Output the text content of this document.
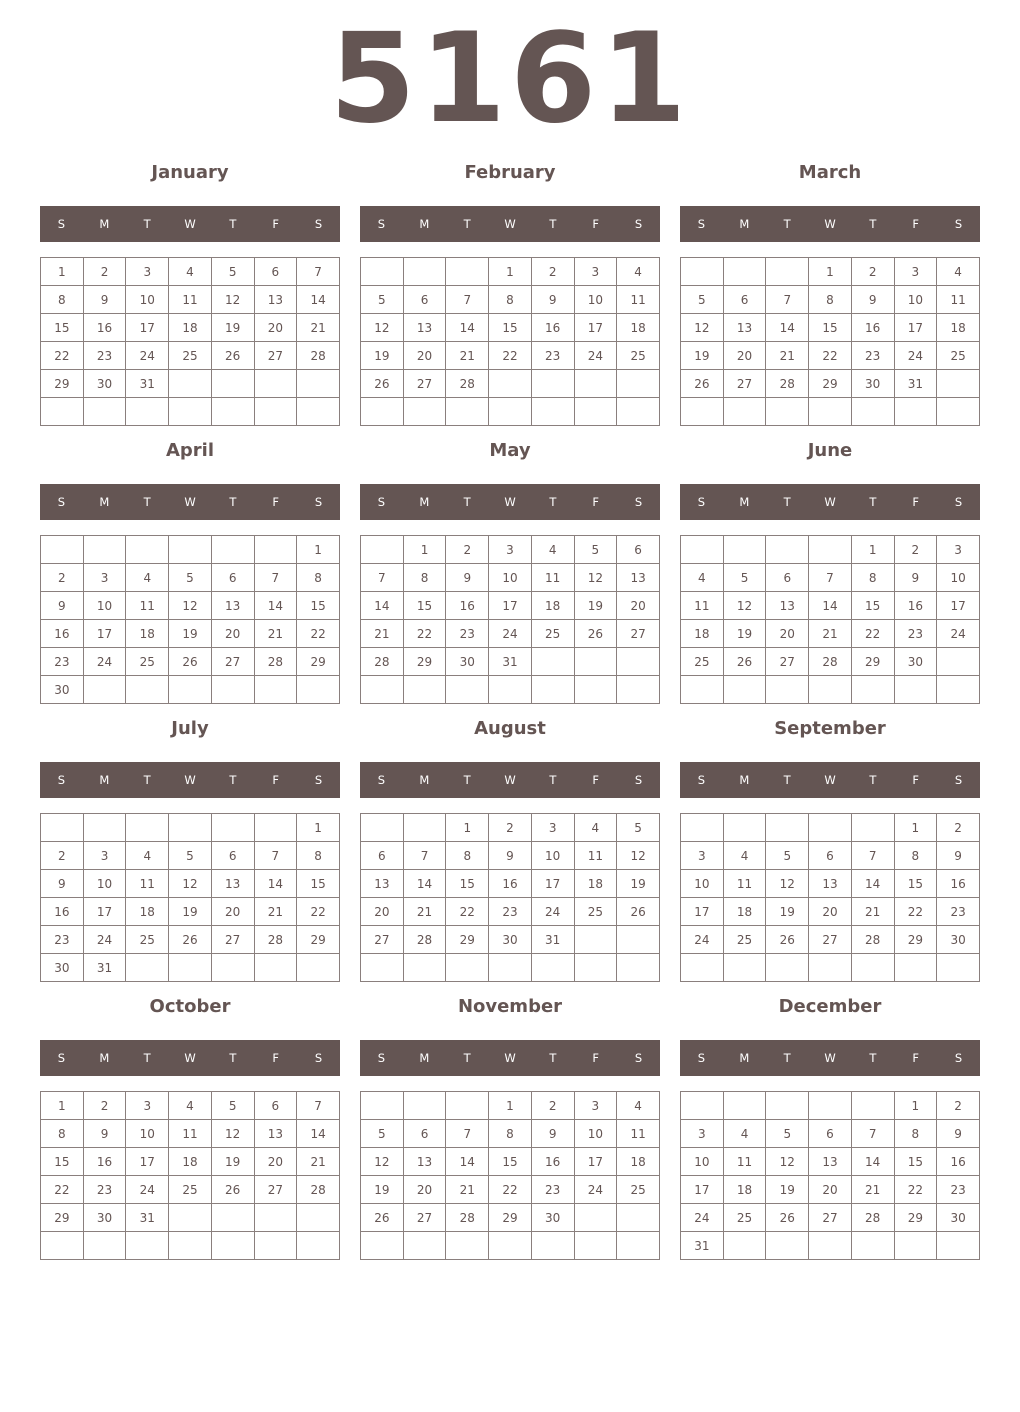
5161
January
S	M	T	W	T	F	S
1	2	3	4	5	6	7
8	9	10	11	12	13	14
15	16	17	18	19	20	21
22	23	24	25	26	27	28
29	30	31				

February
S	M	T	W	T	F	S
			1	2	3	4
5	6	7	8	9	10	11
12	13	14	15	16	17	18
19	20	21	22	23	24	25
26	27	28				

March
S	M	T	W	T	F	S
			1	2	3	4
5	6	7	8	9	10	11
12	13	14	15	16	17	18
19	20	21	22	23	24	25
26	27	28	29	30	31	

April
S	M	T	W	T	F	S
						1
2	3	4	5	6	7	8
9	10	11	12	13	14	15
16	17	18	19	20	21	22
23	24	25	26	27	28	29
30						
May
S	M	T	W	T	F	S
	1	2	3	4	5	6
7	8	9	10	11	12	13
14	15	16	17	18	19	20
21	22	23	24	25	26	27
28	29	30	31			

June
S	M	T	W	T	F	S
				1	2	3
4	5	6	7	8	9	10
11	12	13	14	15	16	17
18	19	20	21	22	23	24
25	26	27	28	29	30	

July
S	M	T	W	T	F	S
						1
2	3	4	5	6	7	8
9	10	11	12	13	14	15
16	17	18	19	20	21	22
23	24	25	26	27	28	29
30	31					
August
S	M	T	W	T	F	S
		1	2	3	4	5
6	7	8	9	10	11	12
13	14	15	16	17	18	19
20	21	22	23	24	25	26
27	28	29	30	31		

September
S	M	T	W	T	F	S
					1	2
3	4	5	6	7	8	9
10	11	12	13	14	15	16
17	18	19	20	21	22	23
24	25	26	27	28	29	30

October
S	M	T	W	T	F	S
1	2	3	4	5	6	7
8	9	10	11	12	13	14
15	16	17	18	19	20	21
22	23	24	25	26	27	28
29	30	31				

November
S	M	T	W	T	F	S
			1	2	3	4
5	6	7	8	9	10	11
12	13	14	15	16	17	18
19	20	21	22	23	24	25
26	27	28	29	30		

December
S	M	T	W	T	F	S
					1	2
3	4	5	6	7	8	9
10	11	12	13	14	15	16
17	18	19	20	21	22	23
24	25	26	27	28	29	30
31						
